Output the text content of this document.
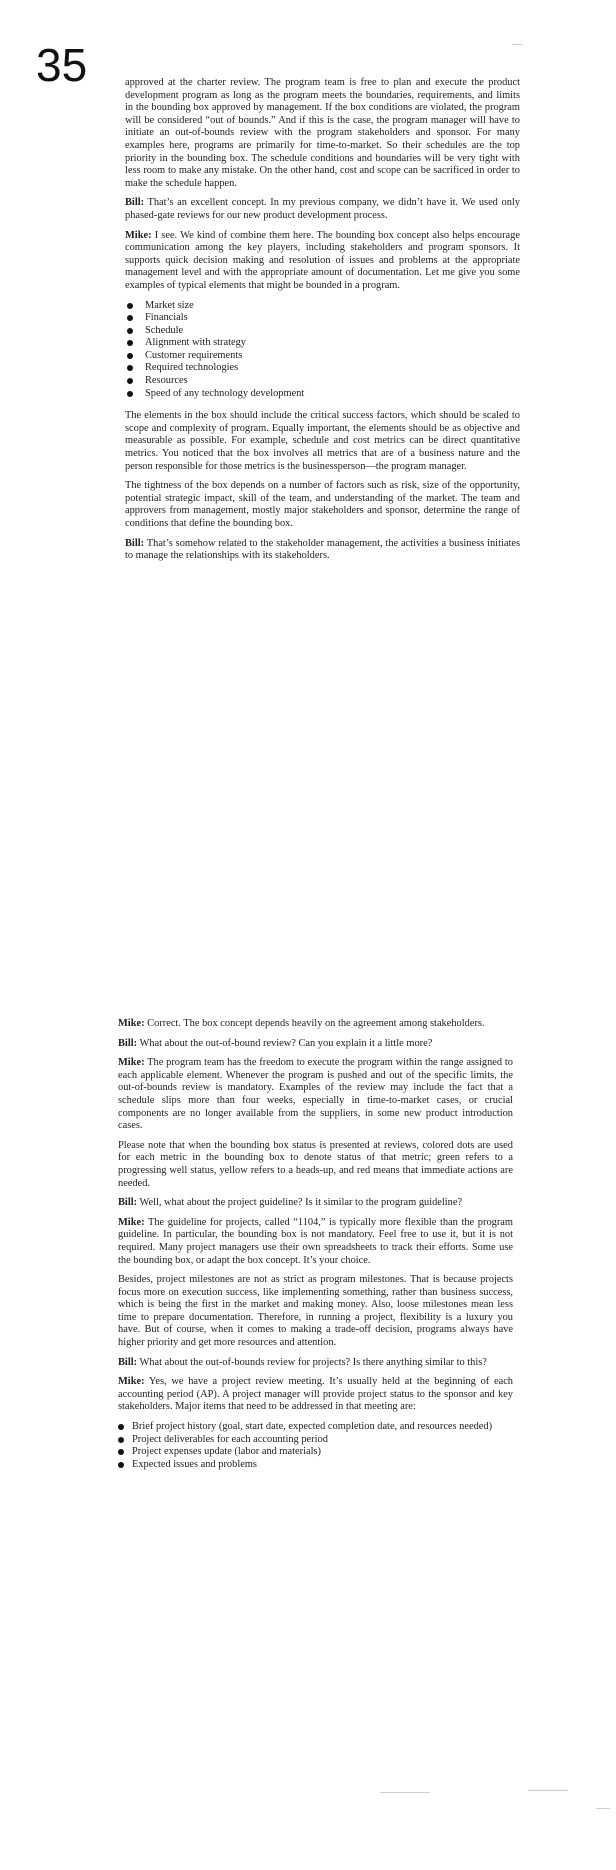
35	approved at the charter review. The program team is free to plan and execute the product development program as long as the program meets the boundaries, requirements, and limits in the bounding box approved by management. If the box conditions are violated, the program will be considered “out of bounds.” And if this is the case, the program manager will have to initiate an out-of-bounds review with the program stakeholders and sponsor. For many examples here, programs are primarily for time-to-market. So their schedules are the top priority in the bounding box. The schedule conditions and boundaries will be very tight with less room to make any mistake. On the other hand, cost and scope can be sacrificed in order to make the schedule happen.

Bill: That’s an excellent concept. In my previous company, we didn’t have it. We used only phased-gate reviews for our new product development process.

Mike: I see. We kind of combine them here. The bounding box concept also helps encourage communication among the key players, including stakeholders and program sponsors. It supports quick decision making and resolution of issues and problems at the appropriate management level and with the appropriate amount of documentation. Let me give you some examples of typical elements that might be bounded in a program.

Market size
Financials
Schedule
Alignment with strategy
Customer requirements
Required technologies
Resources
Speed of any technology development

The elements in the box should include the critical success factors, which should be scaled to scope and complexity of program. Equally important, the elements should be as objective and measurable as possible. For example, schedule and cost metrics can be direct quantitative metrics. You noticed that the box involves all metrics that are of a business nature and the person responsible for those metrics is the businessperson—the program manager.

The tightness of the box depends on a number of factors such as risk, size of the opportunity, potential strategic impact, skill of the team, and understanding of the market. The team and approvers from management, mostly major stakeholders and sponsor, determine the range of conditions that define the bounding box.

Bill: That’s somehow related to the stakeholder management, the activities a business initiates to manage the relationships with its stakeholders.

Mike: Correct. The box concept depends heavily on the agreement among stakeholders.

Bill: What about the out-of-bound review? Can you explain it a little more?

Mike: The program team has the freedom to execute the program within the range assigned to each applicable element. Whenever the program is pushed and out of the specific limits, the out-of-bounds review is mandatory. Examples of the review may include the fact that a schedule slips more than four weeks, especially in time-to-market cases, or crucial components are no longer available from the suppliers, in some new product introduction cases.

Please note that when the bounding box status is presented at reviews, colored dots are used for each metric in the bounding box to denote status of that metric; green refers to a progressing well status, yellow refers to a heads-up, and red means that immediate actions are needed.

Bill: Well, what about the project guideline? Is it similar to the program guideline?

Mike: The guideline for projects, called “1104,” is typically more flexible than the program guideline. In particular, the bounding box is not mandatory. Feel free to use it, but it is not required. Many project managers use their own spreadsheets to track their efforts. Some use the bounding box, or adapt the box concept. It’s your choice.

Besides, project milestones are not as strict as program milestones. That is because projects focus more on execution success, like implementing something, rather than business success, which is being the first in the market and making money. Also, loose milestones mean less time to prepare documentation. Therefore, in running a project, flexibility is a luxury you have. But of course, when it comes to making a trade-off decision, programs always have higher priority and get more resources and attention.

Bill: What about the out-of-bounds review for projects? Is there anything similar to this?

Mike: Yes, we have a project review meeting. It’s usually held at the beginning of each accounting period (AP). A project manager will provide project status to the sponsor and key stakeholders. Major items that need to be addressed in that meeting are:

Brief project history (goal, start date, expected completion date, and resources needed)
Project deliverables for each accounting period
Project expenses update (labor and materials)
Expected issues and problems
